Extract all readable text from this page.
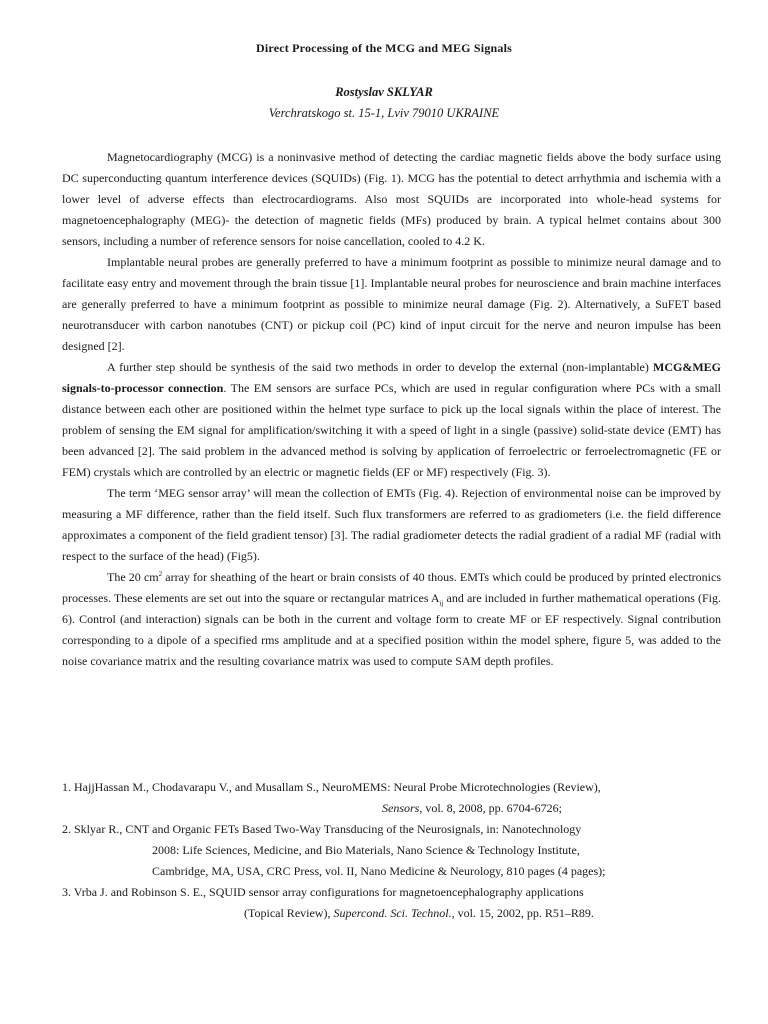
Direct Processing of the MCG and MEG Signals
Rostyslav SKLYAR
Verchratskogo st. 15-1, Lviv 79010 UKRAINE

Magnetocardiography (MCG) is a noninvasive method of detecting the cardiac magnetic fields above the body surface using DC superconducting quantum interference devices (SQUIDs) (Fig. 1). MCG has the potential to detect arrhythmia and ischemia with a lower level of adverse effects than electrocardiograms. Also most SQUIDs are incorporated into whole-head systems for magnetoencephalography (MEG)- the detection of magnetic fields (MFs) produced by brain. A typical helmet contains about 300 sensors, including a number of reference sensors for noise cancellation, cooled to 4.2 K.

Implantable neural probes are generally preferred to have a minimum footprint as possible to minimize neural damage and to facilitate easy entry and movement through the brain tissue [1]. Implantable neural probes for neuroscience and brain machine interfaces are generally preferred to have a minimum footprint as possible to minimize neural damage (Fig. 2). Alternatively, a SuFET based neurotransducer with carbon nanotubes (CNT) or pickup coil (PC) kind of input circuit for the nerve and neuron impulse has been designed [2].

A further step should be synthesis of the said two methods in order to develop the external (non-implantable) MCG&MEG signals-to-processor connection. The EM sensors are surface PCs, which are used in regular configuration where PCs with a small distance between each other are positioned within the helmet type surface to pick up the local signals within the place of interest. The problem of sensing the EM signal for amplification/switching it with a speed of light in a single (passive) solid-state device (EMT) has been advanced [2]. The said problem in the advanced method is solving by application of ferroelectric or ferroelectromagnetic (FE or FEM) crystals which are controlled by an electric or magnetic fields (EF or MF) respectively (Fig. 3).

The term ‘MEG sensor array’ will mean the collection of EMTs (Fig. 4). Rejection of environmental noise can be improved by measuring a MF difference, rather than the field itself. Such flux transformers are referred to as gradiometers (i.e. the field difference approximates a component of the field gradient tensor) [3]. The radial gradiometer detects the radial gradient of a radial MF (radial with respect to the surface of the head) (Fig5).

The 20 $cm^2$ array for sheathing of the heart or brain consists of 40 thous. EMTs which could be produced by printed electronics processes. These elements are set out into the square or rectangular matrices $A_{ij}$ and are included in further mathematical operations (Fig. 6). Control (and interaction) signals can be both in the current and voltage form to create MF or EF respectively. Signal contribution corresponding to a dipole of a specified rms amplitude and at a specified position within the model sphere, figure 5, was added to the noise covariance matrix and the resulting covariance matrix was used to compute SAM depth profiles.

1. HajjHassan M., Chodavarapu V., and Musallam S., NeuroMEMS: Neural Probe Microtechnologies (Review),
Sensors, vol. 8, 2008, pp. 6704-6726;
2. Sklyar R., CNT and Organic FETs Based Two-Way Transducing of the Neurosignals, in: Nanotechnology
2008: Life Sciences, Medicine, and Bio Materials, Nano Science & Technology Institute,
Cambridge, MA, USA, CRC Press, vol. II, Nano Medicine & Neurology, 810 pages (4 pages);
3. Vrba J. and Robinson S. E., SQUID sensor array configurations for magnetoencephalography applications
(Topical Review), Supercond. Sci. Technol., vol. 15, 2002, pp. R51–R89.
